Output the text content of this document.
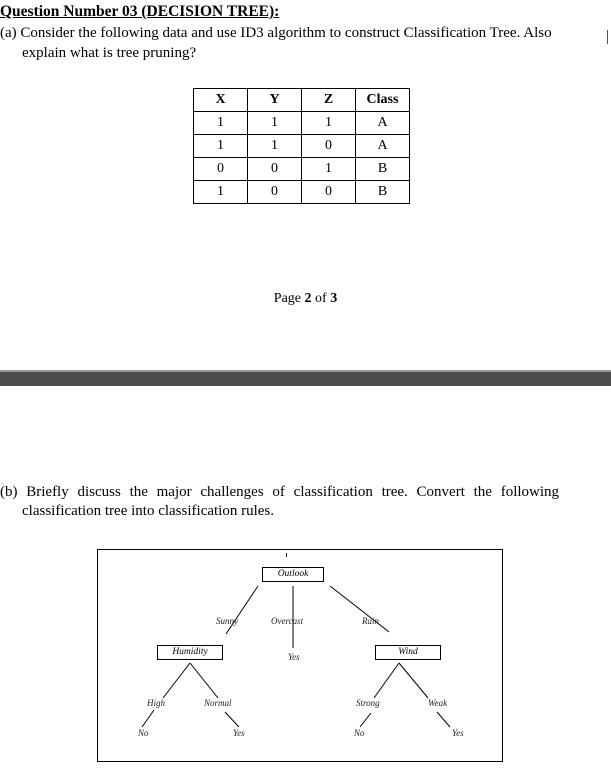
Question Number 03 (DECISION TREE):
(a) Consider the following data and use ID3 algorithm to construct Classification Tree. Also
explain what is tree pruning?
X	Y	Z	Class
1	1	1	A
1	1	0	A
0	0	1	B
1	0	0	B
Page 2 of 3
(b) Briefly discuss the major challenges of classification tree. Convert the following
classification tree into classification rules.
Outlook
Humidity	Wind
Sunny	Overcast	Rain
Yes
High	Normal	Strong	Weak
No	Yes	No	Yes
